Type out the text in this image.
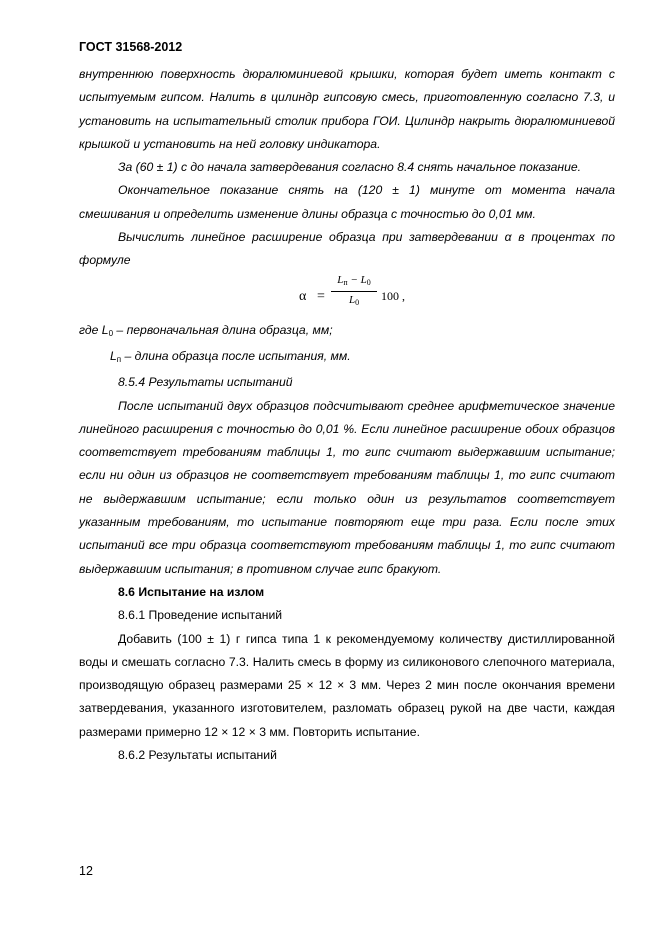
ГОСТ 31568-2012

внутреннюю поверхность дюралюминиевой крышки, которая будет иметь контакт с испытуемым гипсом. Налить в цилиндр гипсовую смесь, приготовленную согласно 7.3, и установить на испытательный столик прибора ГОИ. Цилиндр накрыть дюралюминиевой крышкой и установить на ней головку индикатора.

За (60 ± 1) с до начала затвердевания согласно 8.4 снять начальное показание.

Окончательное показание снять на (120 ± 1) минуте от момента начала смешивания и определить изменение длины образца с точностью до 0,01 мм.

Вычислить линейное расширение образца при затвердевании α в процентах по формуле

α =
$L_п - L_0$
$L_0$	100 ,

где $L_0$ – первоначальная длина образца, мм;

$L_п$ – длина образца после испытания, мм.

8.5.4 Результаты испытаний

После испытаний двух образцов подсчитывают среднее арифметическое значение линейного расширения с точностью до 0,01 %. Если линейное расширение обоих образцов соответствует требованиям таблицы 1, то гипс считают выдержавшим испытание; если ни один из образцов не соответствует требованиям таблицы 1, то гипс считают не выдержавшим испытание; если только один из результатов соответствует указанным требованиям, то испытание повторяют еще три раза. Если после этих испытаний все три образца соответствуют требованиям таблицы 1, то гипс считают выдержавшим испытания; в противном случае гипс бракуют.

8.6 Испытание на излом

8.6.1 Проведение испытаний

Добавить (100 ± 1) г гипса типа 1 к рекомендуемому количеству дистиллированной воды и смешать согласно 7.3. Налить смесь в форму из силиконового слепочного материала, производящую образец размерами 25 × 12 × 3 мм. Через 2 мин после окончания времени затвердевания, указанного изготовителем, разломать образец рукой на две части, каждая размерами примерно 12 × 12 × 3 мм. Повторить испытание.

8.6.2 Результаты испытаний

12
